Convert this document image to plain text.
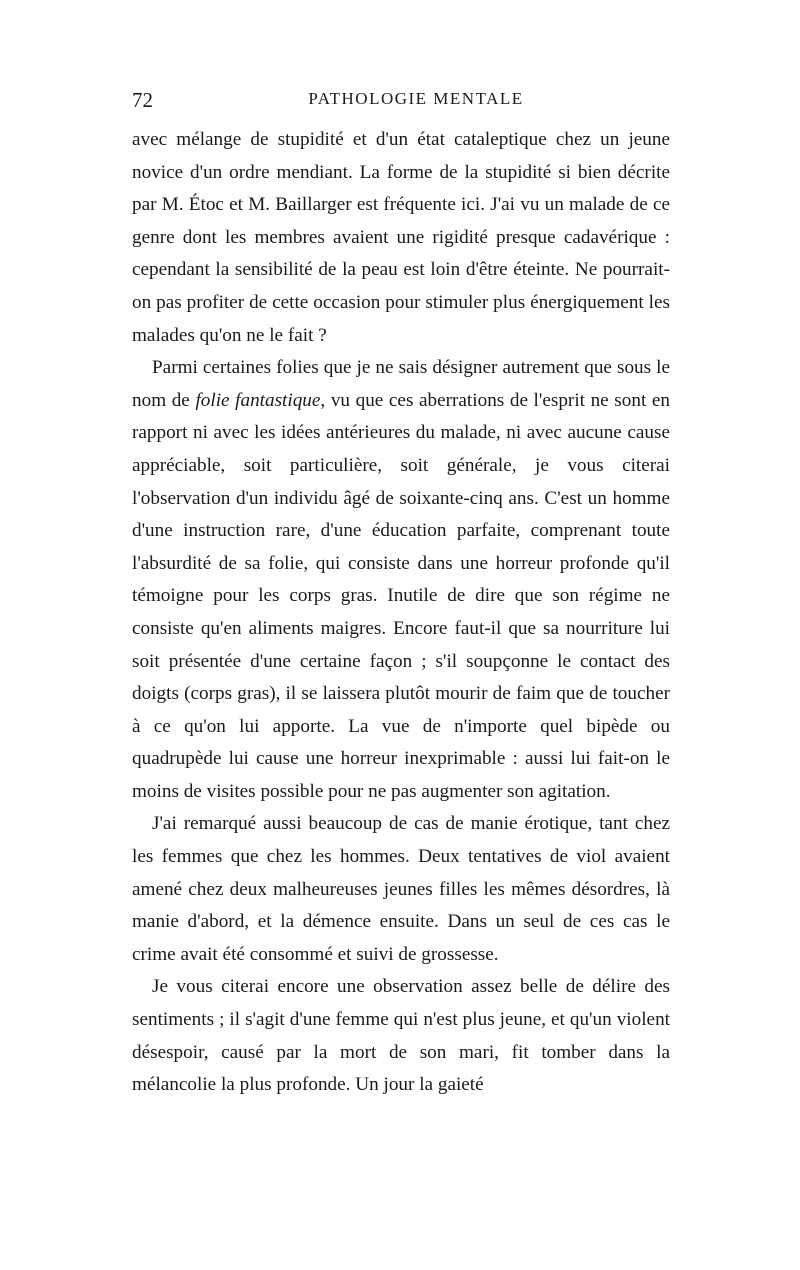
72	PATHOLOGIE MENTALE

avec mélange de stupidité et d'un état cataleptique chez un jeune novice d'un ordre mendiant. La forme de la stupidité si bien décrite par M. Étoc et M. Baillarger est fréquente ici. J'ai vu un malade de ce genre dont les membres avaient une rigidité presque cadavérique : cependant la sensibilité de la peau est loin d'être éteinte. Ne pourrait-on pas profiter de cette occasion pour stimuler plus énergiquement les malades qu'on ne le fait ?

Parmi certaines folies que je ne sais désigner autrement que sous le nom de folie fantastique, vu que ces aberrations de l'esprit ne sont en rapport ni avec les idées antérieures du malade, ni avec aucune cause appréciable, soit particulière, soit générale, je vous citerai l'observation d'un individu âgé de soixante-cinq ans. C'est un homme d'une instruction rare, d'une éducation parfaite, comprenant toute l'absurdité de sa folie, qui consiste dans une horreur profonde qu'il témoigne pour les corps gras. Inutile de dire que son régime ne consiste qu'en aliments maigres. Encore faut-il que sa nourriture lui soit présentée d'une certaine façon ; s'il soupçonne le contact des doigts (corps gras), il se laissera plutôt mourir de faim que de toucher à ce qu'on lui apporte. La vue de n'importe quel bipède ou quadrupède lui cause une horreur inexprimable : aussi lui fait-on le moins de visites possible pour ne pas augmenter son agitation.

J'ai remarqué aussi beaucoup de cas de manie érotique, tant chez les femmes que chez les hommes. Deux tentatives de viol avaient amené chez deux malheureuses jeunes filles les mêmes désordres, là manie d'abord, et la démence ensuite. Dans un seul de ces cas le crime avait été consommé et suivi de grossesse.

Je vous citerai encore une observation assez belle de délire des sentiments ; il s'agit d'une femme qui n'est plus jeune, et qu'un violent désespoir, causé par la mort de son mari, fit tomber dans la mélancolie la plus profonde. Un jour la gaieté
